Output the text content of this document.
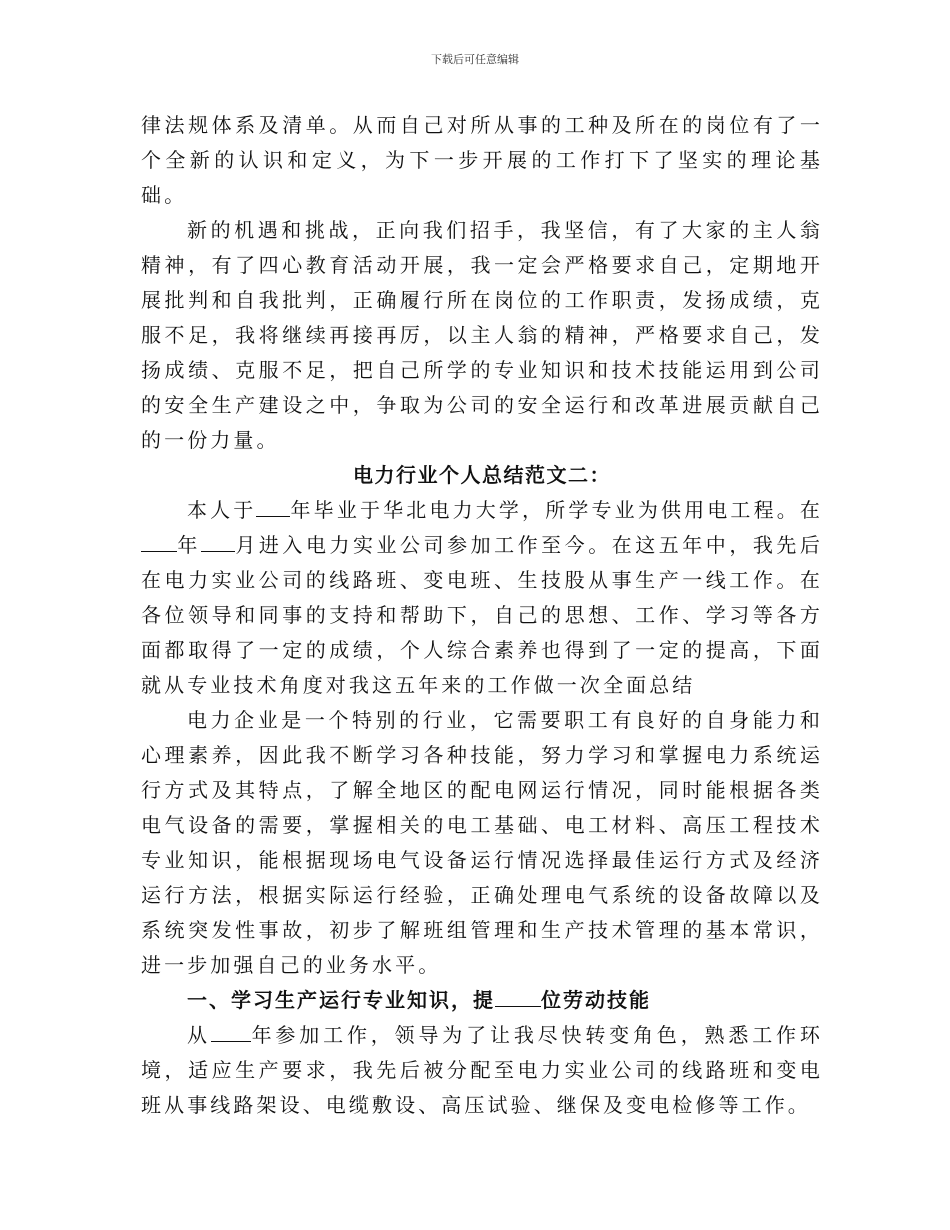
下载后可任意编辑

律法规体系及清单。从而自己对所从事的工种及所在的岗位有了一个全新的认识和定义，为下一步开展的工作打下了坚实的理论基础。

新的机遇和挑战，正向我们招手，我坚信，有了大家的主人翁精神，有了四心教育活动开展，我一定会严格要求自己，定期地开展批判和自我批判，正确履行所在岗位的工作职责，发扬成绩，克服不足，我将继续再接再厉，以主人翁的精神，严格要求自己，发扬成绩、克服不足，把自己所学的专业知识和技术技能运用到公司的安全生产建设之中，争取为公司的安全运行和改革进展贡献自己的一份力量。

电力行业个人总结范文二：

本人于 年毕业于华北电力大学，所学专业为供用电工程。在年 月进入电力实业公司参加工作至今。在这五年中，我先后在电力实业公司的线路班、变电班、生技股从事生产一线工作。在各位领导和同事的支持和帮助下，自己的思想、工作、学习等各方面都取得了一定的成绩，个人综合素养也得到了一定的提高，下面就从专业技术角度对我这五年来的工作做一次全面总结

电力企业是一个特别的行业，它需要职工有良好的自身能力和心理素养，因此我不断学习各种技能，努力学习和掌握电力系统运行方式及其特点，了解全地区的配电网运行情况，同时能根据各类电气设备的需要，掌握相关的电工基础、电工材料、高压工程技术专业知识，能根据现场电气设备运行情况选择最佳运行方式及经济运行方法，根据实际运行经验，正确处理电气系统的设备故障以及系统突发性事故，初步了解班组管理和生产技术管理的基本常识，进一步加强自己的业务水平。

一、学习生产运行专业知识，提 位劳动技能

从 年参加工作，领导为了让我尽快转变角色，熟悉工作环境，适应生产要求，我先后被分配至电力实业公司的线路班和变电班从事线路架设、电缆敷设、高压试验、继保及变电检修等工作。
